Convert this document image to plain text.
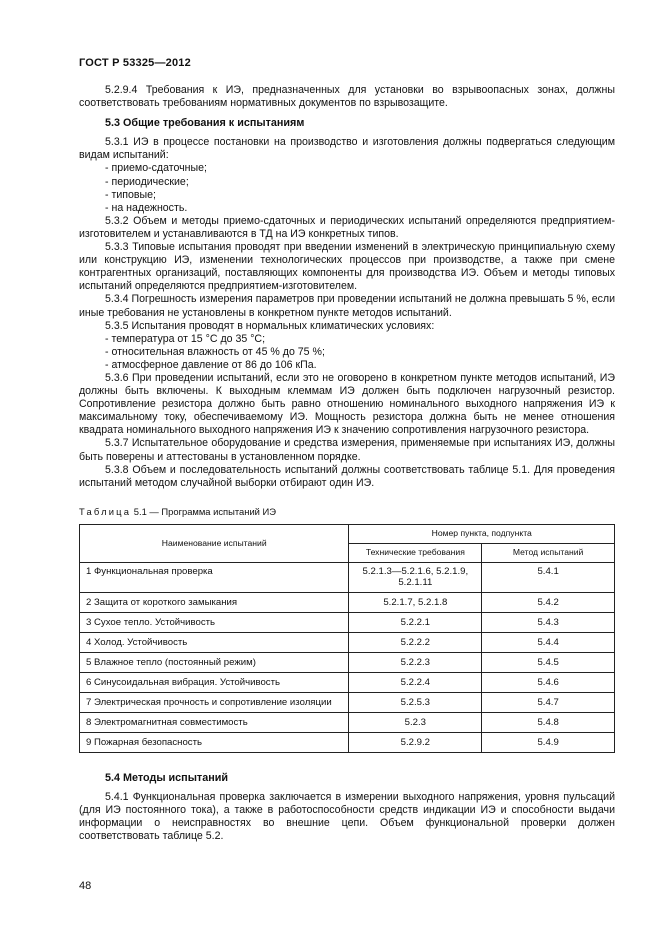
ГОСТ Р 53325—2012

5.2.9.4 Требования к ИЭ, предназначенных для установки во взрывоопасных зонах, должны соответствовать требованиям нормативных документов по взрывозащите.

5.3 Общие требования к испытаниям

5.3.1 ИЭ в процессе постановки на производство и изготовления должны подвергаться следующим видам испытаний:

- приемо-сдаточные;

- периодические;

- типовые;

- на надежность.

5.3.2 Объем и методы приемо-сдаточных и периодических испытаний определяются предприятием-изготовителем и устанавливаются в ТД на ИЭ конкретных типов.

5.3.3 Типовые испытания проводят при введении изменений в электрическую принципиальную схему или конструкцию ИЭ, изменении технологических процессов при производстве, а также при смене контрагентных организаций, поставляющих компоненты для производства ИЭ. Объем и методы типовых испытаний определяются предприятием-изготовителем.

5.3.4 Погрешность измерения параметров при проведении испытаний не должна превышать 5 %, если иные требования не установлены в конкретном пункте методов испытаний.

5.3.5 Испытания проводят в нормальных климатических условиях:

- температура от 15 °С до 35 °С;

- относительная влажность от 45 % до 75 %;

- атмосферное давление от 86 до 106 кПа.

5.3.6 При проведении испытаний, если это не оговорено в конкретном пункте методов испытаний, ИЭ должны быть включены. К выходным клеммам ИЭ должен быть подключен нагрузочный резистор. Сопротивление резистора должно быть равно отношению номинального выходного напряжения ИЭ к максимальному току, обеспечиваемому ИЭ. Мощность резистора должна быть не менее отношения квадрата номинального выходного напряжения ИЭ к значению сопротивления нагрузочного резистора.

5.3.7 Испытательное оборудование и средства измерения, применяемые при испытаниях ИЭ, должны быть поверены и аттестованы в установленном порядке.

5.3.8 Объем и последовательность испытаний должны соответствовать таблице 5.1. Для проведения испытаний методом случайной выборки отбирают один ИЭ.

Таблица 5.1 — Программа испытаний ИЭ
Наименование испытаний	Номер пункта, подпункта	
	Технические требования	Метод испытаний
1 Функциональная проверка	5.2.1.3—5.2.1.6, 5.2.1.9, 5.2.1.11	5.4.1
2 Защита от короткого замыкания	5.2.1.7, 5.2.1.8	5.4.2
3 Сухое тепло. Устойчивость	5.2.2.1	5.4.3
4 Холод. Устойчивость	5.2.2.2	5.4.4
5 Влажное тепло (постоянный режим)	5.2.2.3	5.4.5
6 Синусоидальная вибрация. Устойчивость	5.2.2.4	5.4.6
7 Электрическая прочность и сопротивление изоляции	5.2.5.3	5.4.7
8 Электромагнитная совместимость	5.2.3	5.4.8
9 Пожарная безопасность	5.2.9.2	5.4.9
5.4 Методы испытаний

5.4.1 Функциональная проверка заключается в измерении выходного напряжения, уровня пульсаций (для ИЭ постоянного тока), а также в работоспособности средств индикации ИЭ и способности выдачи информации о неисправностях во внешние цепи. Объем функциональной проверки должен соответствовать таблице 5.2.

48
